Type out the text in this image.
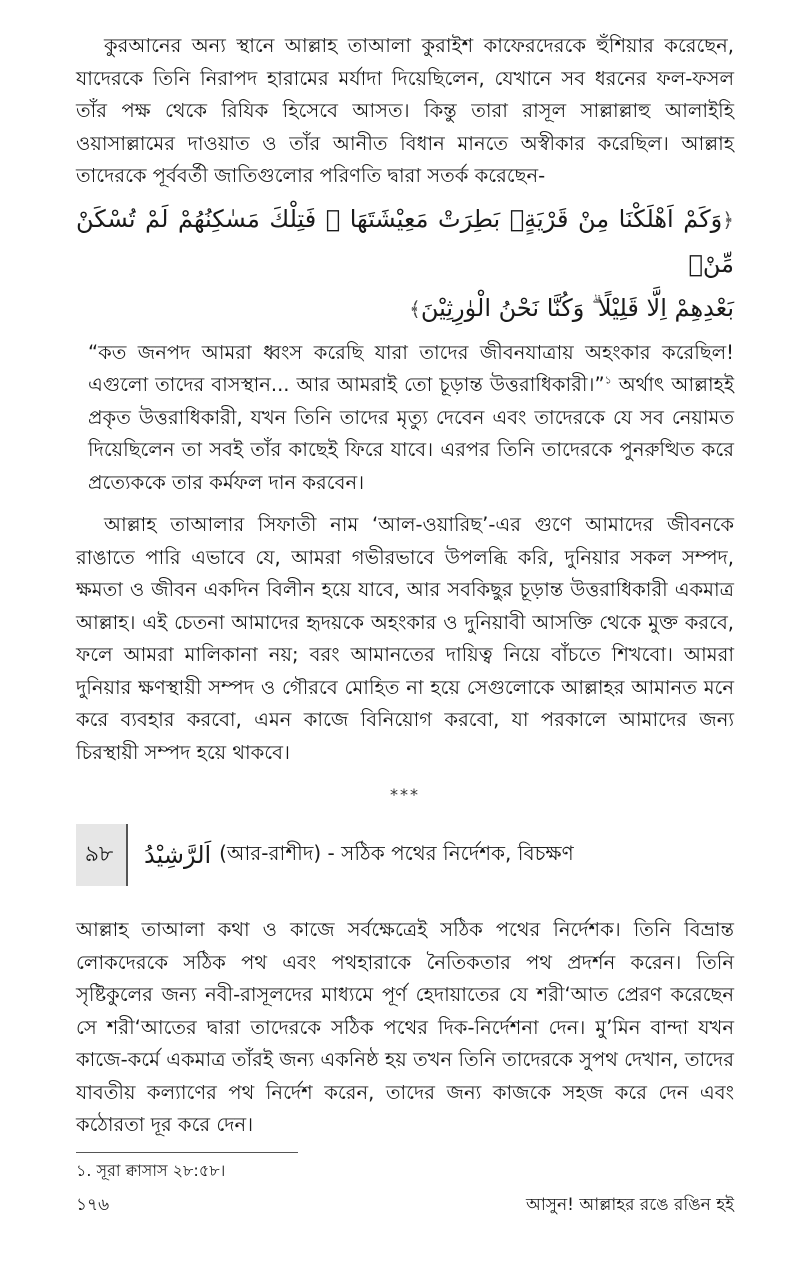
কুরআনের অন্য স্থানে আল্লাহ তাআলা কুরাইশ কাফেরদেরকে হুঁশিয়ার করেছেন, যাদেরকে তিনি নিরাপদ হারামের মর্যাদা দিয়েছিলেন, যেখানে সব ধরনের ফল-ফসল তাঁর পক্ষ থেকে রিযিক হিসেবে আসত। কিন্তু তারা রাসূল সাল্লাল্লাহু আলাইহি ওয়াসাল্লামের দাওয়াত ও তাঁর আনীত বিধান মানতে অস্বীকার করেছিল। আল্লাহ তাদেরকে পূর্ববর্তী জাতিগুলোর পরিণতি দ্বারা সতর্ক করেছেন-

﴿وَكَمْ اَهْلَكْنَا مِنْ قَرْيَةٍۭ بَطِرَتْ مَعِيْشَتَهَا ۚ فَتِلْكَ مَسٰكِنُهُمْ لَمْ تُسْكَنْ مِّنْۢ
بَعْدِهِمْ اِلَّا قَلِيْلًا ۗ وَكُنَّا نَحْنُ الْوٰرِثِيْنَ﴾

“কত জনপদ আমরা ধ্বংস করেছি যারা তাদের জীবনযাত্রায় অহংকার করেছিল! এগুলো তাদের বাসস্থান... আর আমরাই তো চূড়ান্ত উত্তরাধিকারী।”$^১$ অর্থাৎ আল্লাহই প্রকৃত উত্তরাধিকারী, যখন তিনি তাদের মৃত্যু দেবেন এবং তাদেরকে যে সব নেয়ামত দিয়েছিলেন তা সবই তাঁর কাছেই ফিরে যাবে। এরপর তিনি তাদেরকে পুনরুত্থিত করে প্রত্যেককে তার কর্মফল দান করবেন।

আল্লাহ তাআলার সিফাতী নাম ‘আল-ওয়ারিছ’-এর গুণে আমাদের জীবনকে রাঙাতে পারি এভাবে যে, আমরা গভীরভাবে উপলব্ধি করি, দুনিয়ার সকল সম্পদ, ক্ষমতা ও জীবন একদিন বিলীন হয়ে যাবে, আর সবকিছুর চূড়ান্ত উত্তরাধিকারী একমাত্র আল্লাহ। এই চেতনা আমাদের হৃদয়কে অহংকার ও দুনিয়াবী আসক্তি থেকে মুক্ত করবে, ফলে আমরা মালিকানা নয়; বরং আমানতের দায়িত্ব নিয়ে বাঁচতে শিখবো। আমরা দুনিয়ার ক্ষণস্থায়ী সম্পদ ও গৌরবে মোহিত না হয়ে সেগুলোকে আল্লাহর আমানত মনে করে ব্যবহার করবো, এমন কাজে বিনিয়োগ করবো, যা পরকালে আমাদের জন্য চিরস্থায়ী সম্পদ হয়ে থাকবে।

***
৯৮	اَلرَّشِيْدُ (আর-রাশীদ) - সঠিক পথের নির্দেশক, বিচক্ষণ

আল্লাহ তাআলা কথা ও কাজে সর্বক্ষেত্রেই সঠিক পথের নির্দেশক। তিনি বিভ্রান্ত লোকদেরকে সঠিক পথ এবং পথহারাকে নৈতিকতার পথ প্রদর্শন করেন। তিনি সৃষ্টিকুলের জন্য নবী-রাসূলদের মাধ্যমে পূর্ণ হেদায়াতের যে শরী‘আত প্রেরণ করেছেন সে শরী‘আতের দ্বারা তাদেরকে সঠিক পথের দিক-নির্দেশনা দেন। মু’মিন বান্দা যখন কাজে-কর্মে একমাত্র তাঁরই জন্য একনিষ্ঠ হয় তখন তিনি তাদেরকে সুপথ দেখান, তাদের যাবতীয় কল্যাণের পথ নির্দেশ করেন, তাদের জন্য কাজকে সহজ করে দেন এবং কঠোরতা দূর করে দেন।

১. সূরা ক্বাসাস ২৮:৫৮।
১৭৬	আসুন! আল্লাহর রঙে রঙিন হই
